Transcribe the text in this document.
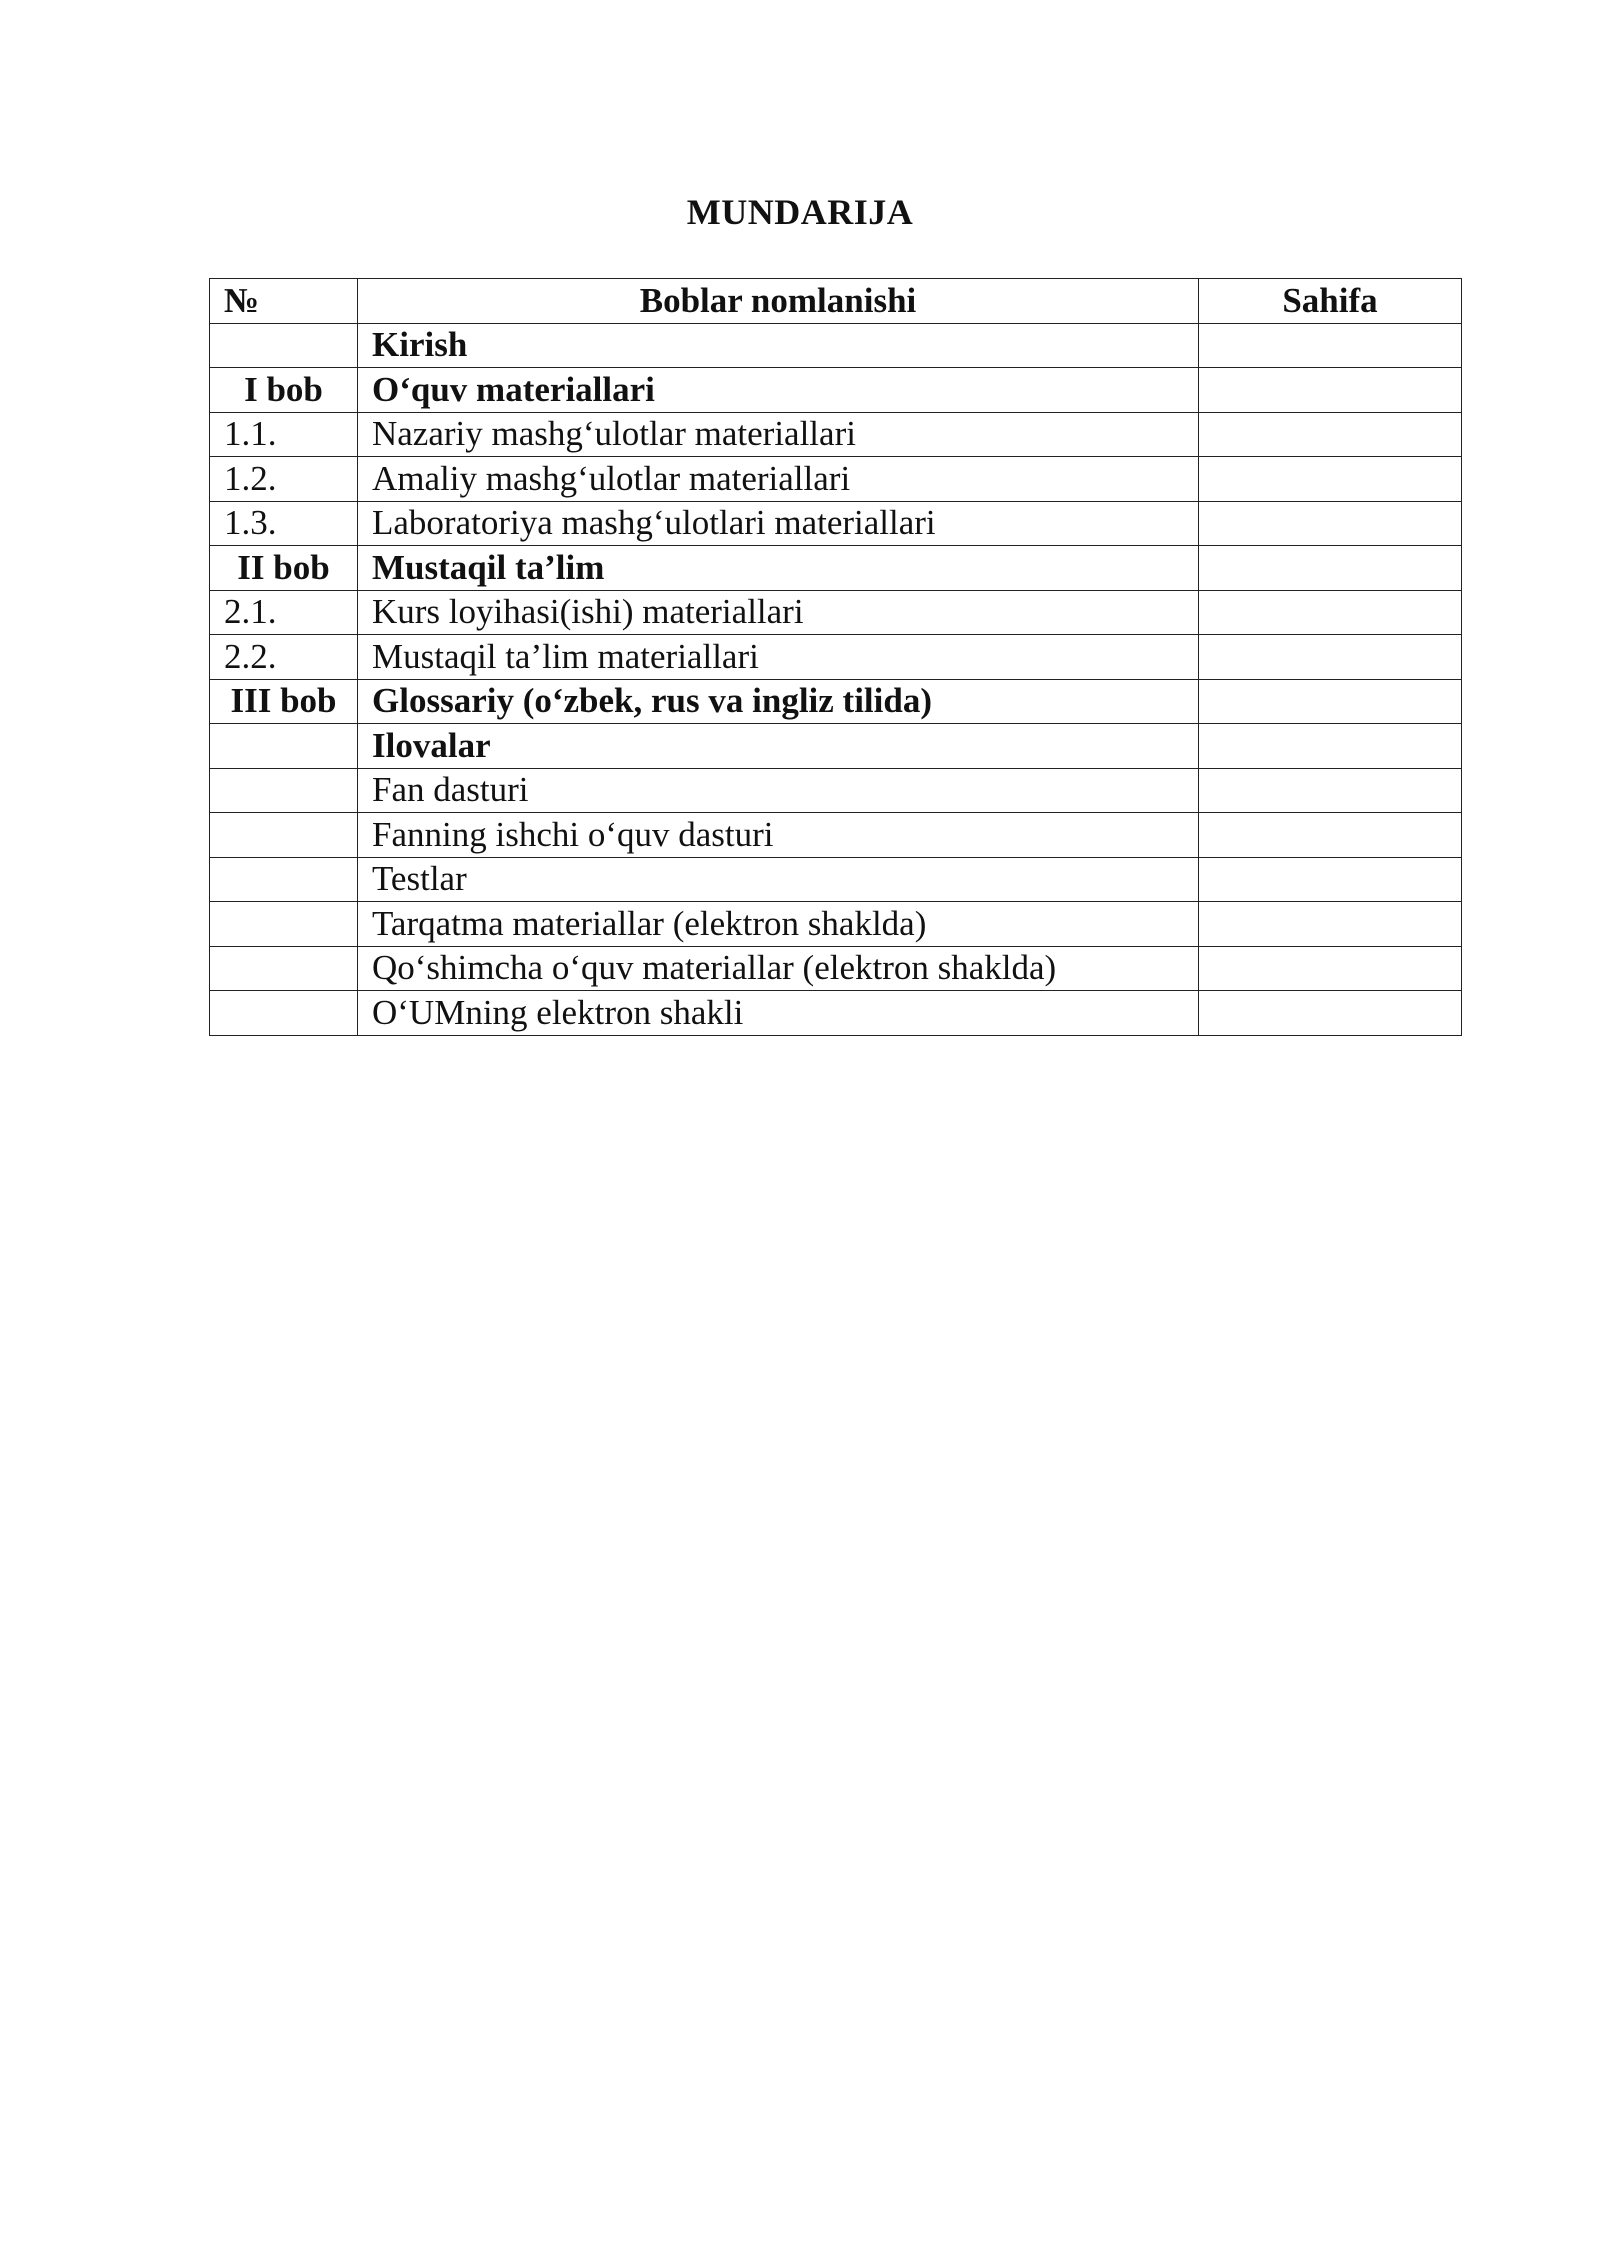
MUNDARIJA
№	Boblar nomlanishi	Sahifa
	Kirish	
I bob	O‘quv materiallari	
1.1.	Nazariy mashg‘ulotlar materiallari	
1.2.	Amaliy mashg‘ulotlar materiallari	
1.3.	Laboratoriya mashg‘ulotlari materiallari	
II bob	Mustaqil ta’lim	
2.1.	Kurs loyihasi(ishi) materiallari	
2.2.	Mustaqil ta’lim materiallari	
III bob	Glossariy (o‘zbek, rus va ingliz tilida)	
	Ilovalar	
	Fan dasturi	
	Fanning ishchi o‘quv dasturi	
	Testlar	
	Tarqatma materiallar (elektron shaklda)	
	Qo‘shimcha o‘quv materiallar (elektron shaklda)	
	O‘UMning elektron shakli	
